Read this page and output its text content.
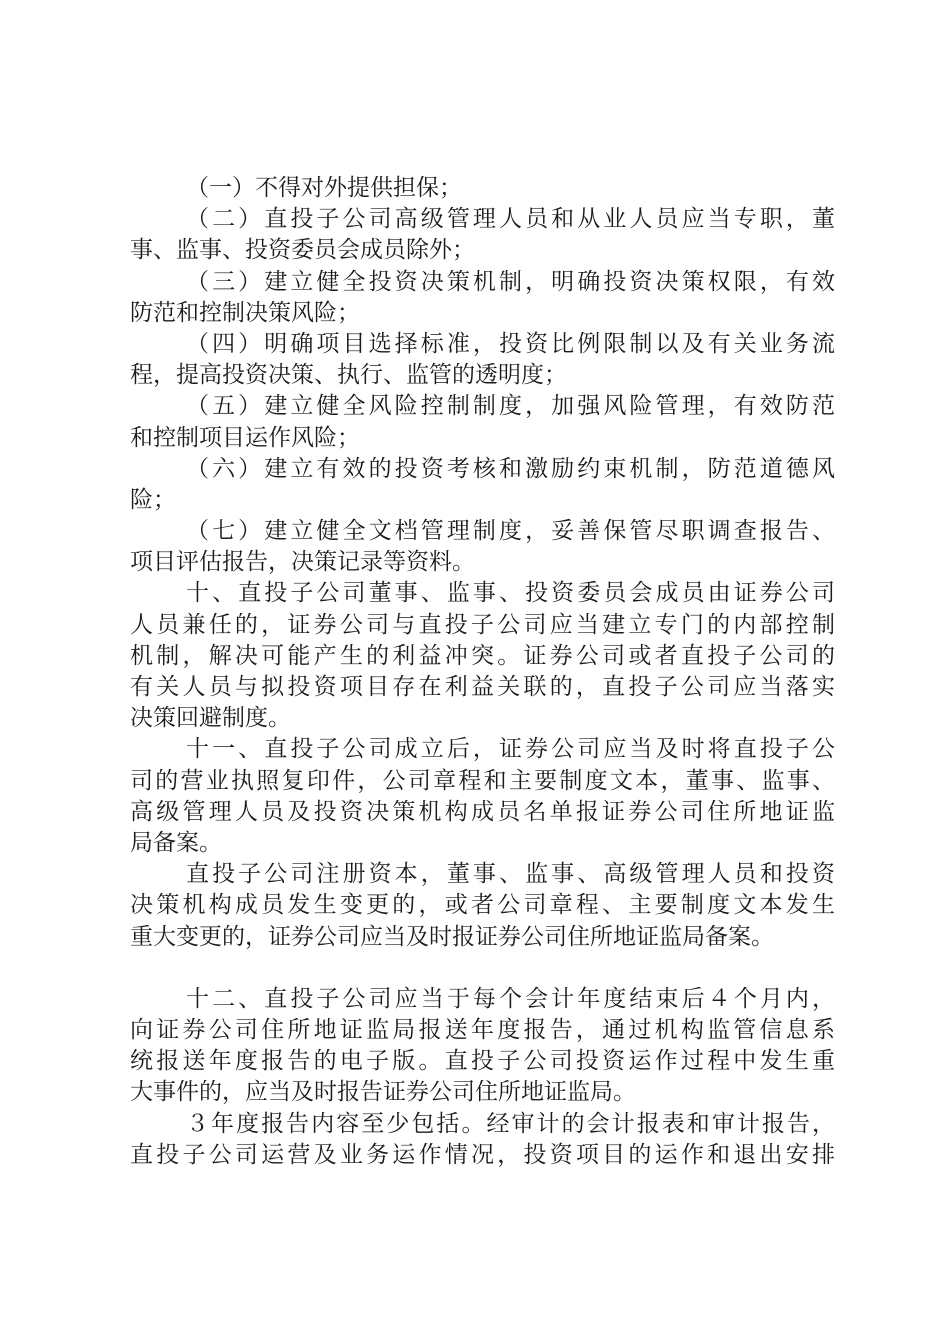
（一）不得对外提供担保；
（二）直投子公司高级管理人员和从业人员应当专职，董
事、监事、投资委员会成员除外；
（三）建立健全投资决策机制，明确投资决策权限，有效
防范和控制决策风险；
（四）明确项目选择标准，投资比例限制以及有关业务流
程，提高投资决策、执行、监管的透明度；
（五）建立健全风险控制制度，加强风险管理，有效防范
和控制项目运作风险；
（六）建立有效的投资考核和激励约束机制，防范道德风
险；
（七）建立健全文档管理制度，妥善保管尽职调查报告、
项目评估报告，决策记录等资料。
十、直投子公司董事、监事、投资委员会成员由证券公司
人员兼任的，证券公司与直投子公司应当建立专门的内部控制
机制，解决可能产生的利益冲突。证券公司或者直投子公司的
有关人员与拟投资项目存在利益关联的，直投子公司应当落实
决策回避制度。
十一、直投子公司成立后，证券公司应当及时将直投子公
司的营业执照复印件，公司章程和主要制度文本，董事、监事、
高级管理人员及投资决策机构成员名单报证券公司住所地证监
局备案。
直投子公司注册资本，董事、监事、高级管理人员和投资
决策机构成员发生变更的，或者公司章程、主要制度文本发生
重大变更的，证券公司应当及时报证券公司住所地证监局备案。
十二、直投子公司应当于每个会计年度结束后４个月内，
向证券公司住所地证监局报送年度报告，通过机构监管信息系
统报送年度报告的电子版。直投子公司投资运作过程中发生重
大事件的，应当及时报告证券公司住所地证监局。
３年度报告内容至少包括。经审计的会计报表和审计报告，
直投子公司运营及业务运作情况，投资项目的运作和退出安排
